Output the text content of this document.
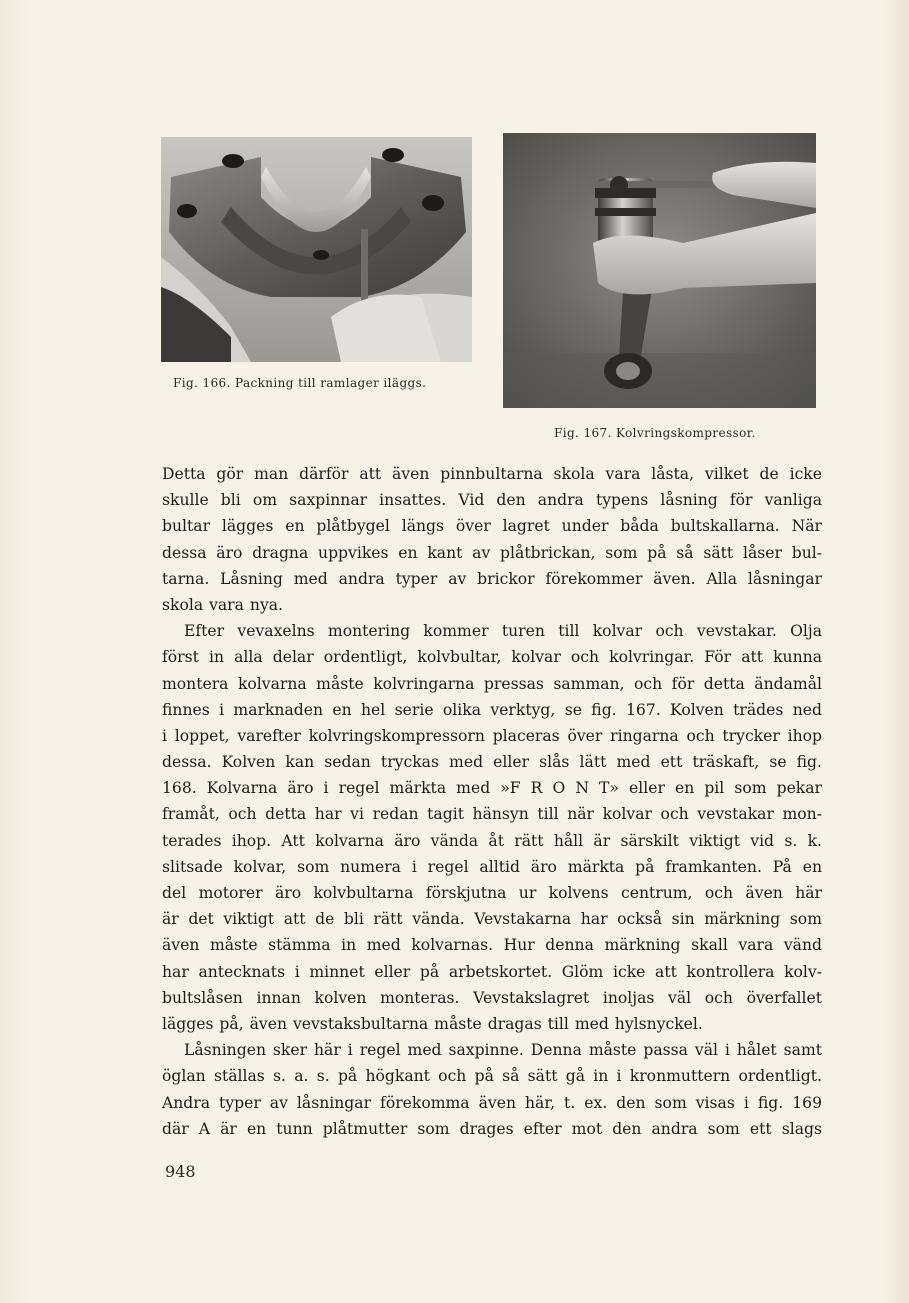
Fig. 166. Packning till ramlager iläggs.
Fig. 167. Kolvringskompressor.
Detta gör man därför att även pinnbultarna skola vara låsta, vilket de icke
skulle bli om saxpinnar insattes. Vid den andra typens låsning för vanliga
bultar lägges en plåtbygel längs över lagret under båda bultskallarna. När
dessa äro dragna uppvikes en kant av plåtbrickan, som på så sätt låser bul-
tarna. Låsning med andra typer av brickor förekommer även. Alla låsningar
skola vara nya.
Efter vevaxelns montering kommer turen till kolvar och vevstakar. Olja
först in alla delar ordentligt, kolvbultar, kolvar och kolvringar. För att kunna
montera kolvarna måste kolvringarna pressas samman, och för detta ändamål
finnes i marknaden en hel serie olika verktyg, se fig. 167. Kolven trädes ned
i loppet, varefter kolvringskompressorn placeras över ringarna och trycker ihop
dessa. Kolven kan sedan tryckas med eller slås lätt med ett träskaft, se fig.
168. Kolvarna äro i regel märkta med »F R O N T» eller en pil som pekar
framåt, och detta har vi redan tagit hänsyn till när kolvar och vevstakar mon-
terades ihop. Att kolvarna äro vända åt rätt håll är särskilt viktigt vid s. k.
slitsade kolvar, som numera i regel alltid äro märkta på framkanten. På en
del motorer äro kolvbultarna förskjutna ur kolvens centrum, och även här
är det viktigt att de bli rätt vända. Vevstakarna har också sin märkning som
även måste stämma in med kolvarnas. Hur denna märkning skall vara vänd
har antecknats i minnet eller på arbetskortet. Glöm icke att kontrollera kolv-
bultslåsen innan kolven monteras. Vevstakslagret inoljas väl och överfallet
lägges på, även vevstaksbultarna måste dragas till med hylsnyckel.
Låsningen sker här i regel med saxpinne. Denna måste passa väl i hålet samt
öglan ställas s. a. s. på högkant och på så sätt gå in i kronmuttern ordentligt.
Andra typer av låsningar förekomma även här, t. ex. den som visas i fig. 169
där A är en tunn plåtmutter som drages efter mot den andra som ett slags
948
